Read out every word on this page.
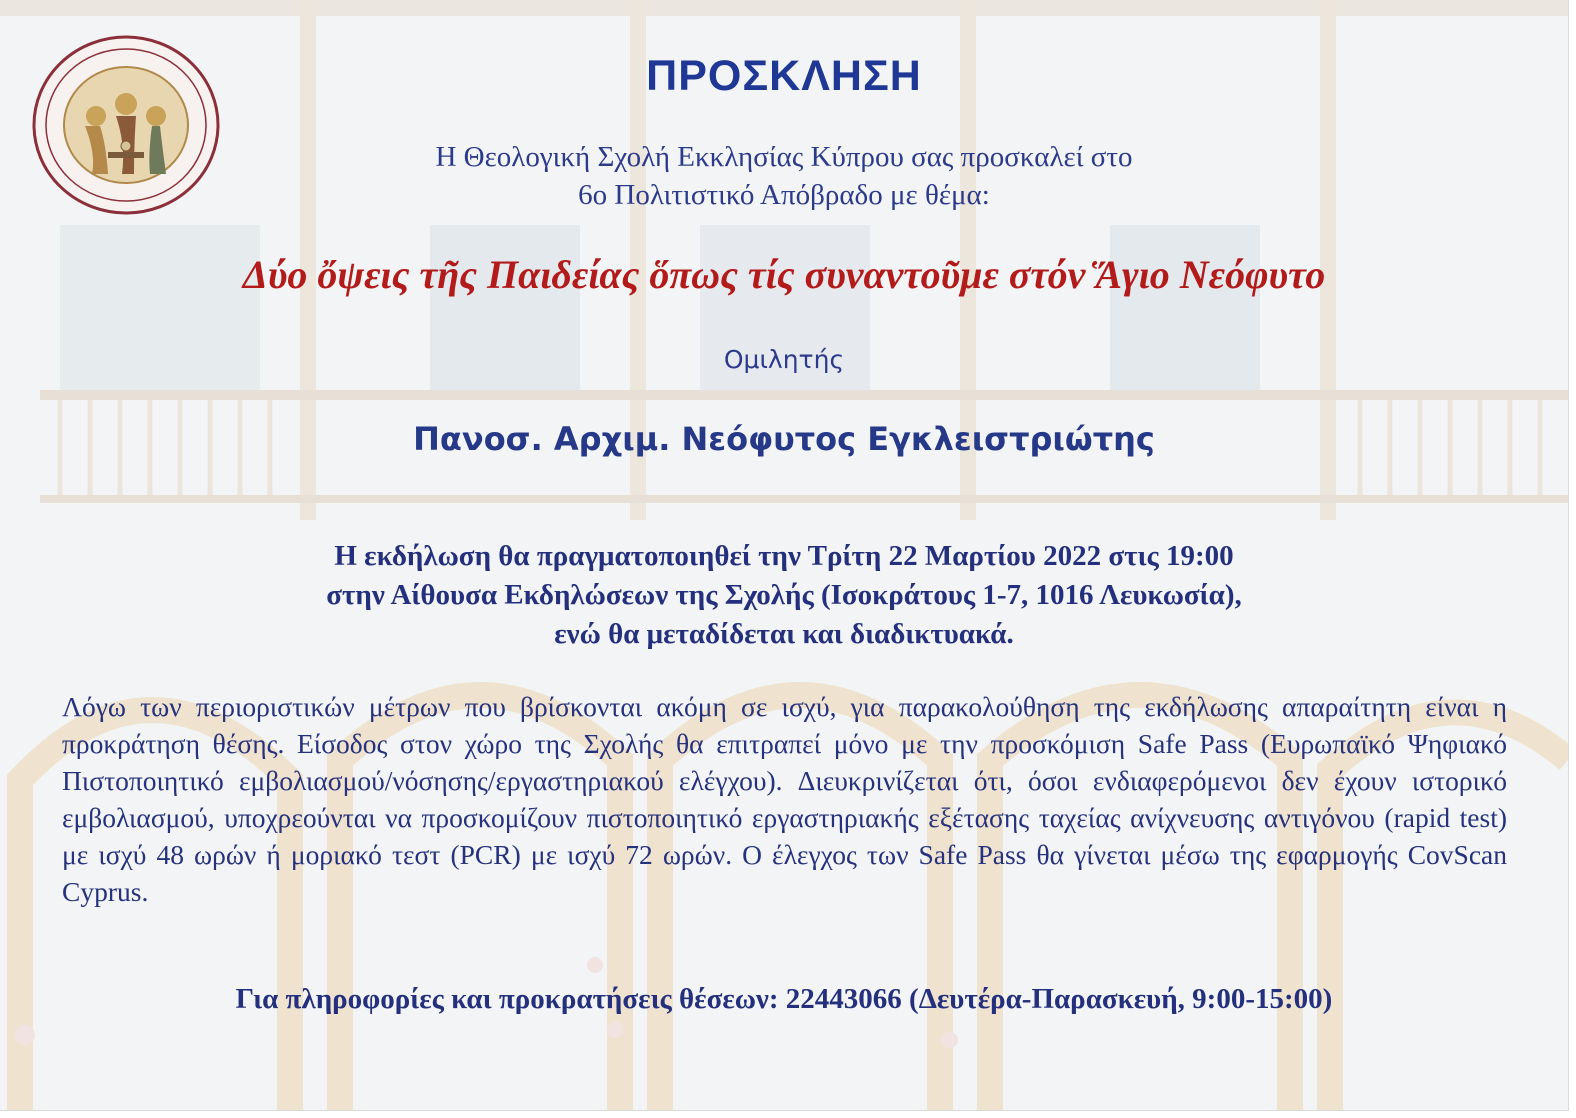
ΠΡΟΣΚΛΗΣΗ
Η Θεολογική Σχολή Εκκλησίας Κύπρου σας προσκαλεί στο
6ο Πολιτιστικό Απόβραδο με θέμα:
Δύο ὄψεις τῆς Παιδείας ὅπως τίς συναντοῦμε στόν Ἅγιο Νεόφυτο
Ομιλητής
Πανοσ. Αρχιμ. Νεόφυτος Εγκλειστριώτης
Η εκδήλωση θα πραγματοποιηθεί την Τρίτη 22 Μαρτίου 2022 στις 19:00
στην Αίθουσα Εκδηλώσεων της Σχολής (Ισοκράτους 1-7, 1016 Λευκωσία),
ενώ θα μεταδίδεται και διαδικτυακά.
Λόγω των περιοριστικών μέτρων που βρίσκονται ακόμη σε ισχύ, για παρακολούθηση της εκδήλωσης απαραίτητη είναι η προκράτηση θέσης. Είσοδος στον χώρο της Σχολής θα επιτραπεί μόνο με την προσκόμιση Safe Pass (Ευρωπαϊκό Ψηφιακό Πιστοποιητικό εμβολιασμού/νόσησης/εργαστηριακού ελέγχου). Διευκρινίζεται ότι, όσοι ενδιαφερόμενοι δεν έχουν ιστορικό εμβολιασμού, υποχρεούνται να προσκομίζουν πιστοποιητικό εργαστηριακής εξέτασης ταχείας ανίχνευσης αντιγόνου (rapid test) με ισχύ 48 ωρών ή μοριακό τεστ (PCR) με ισχύ 72 ωρών. Ο έλεγχος των Safe Pass θα γίνεται μέσω της εφαρμογής CovScan Cyprus.
Για πληροφορίες και προκρατήσεις θέσεων: 22443066 (Δευτέρα-Παρασκευή, 9:00-15:00)
